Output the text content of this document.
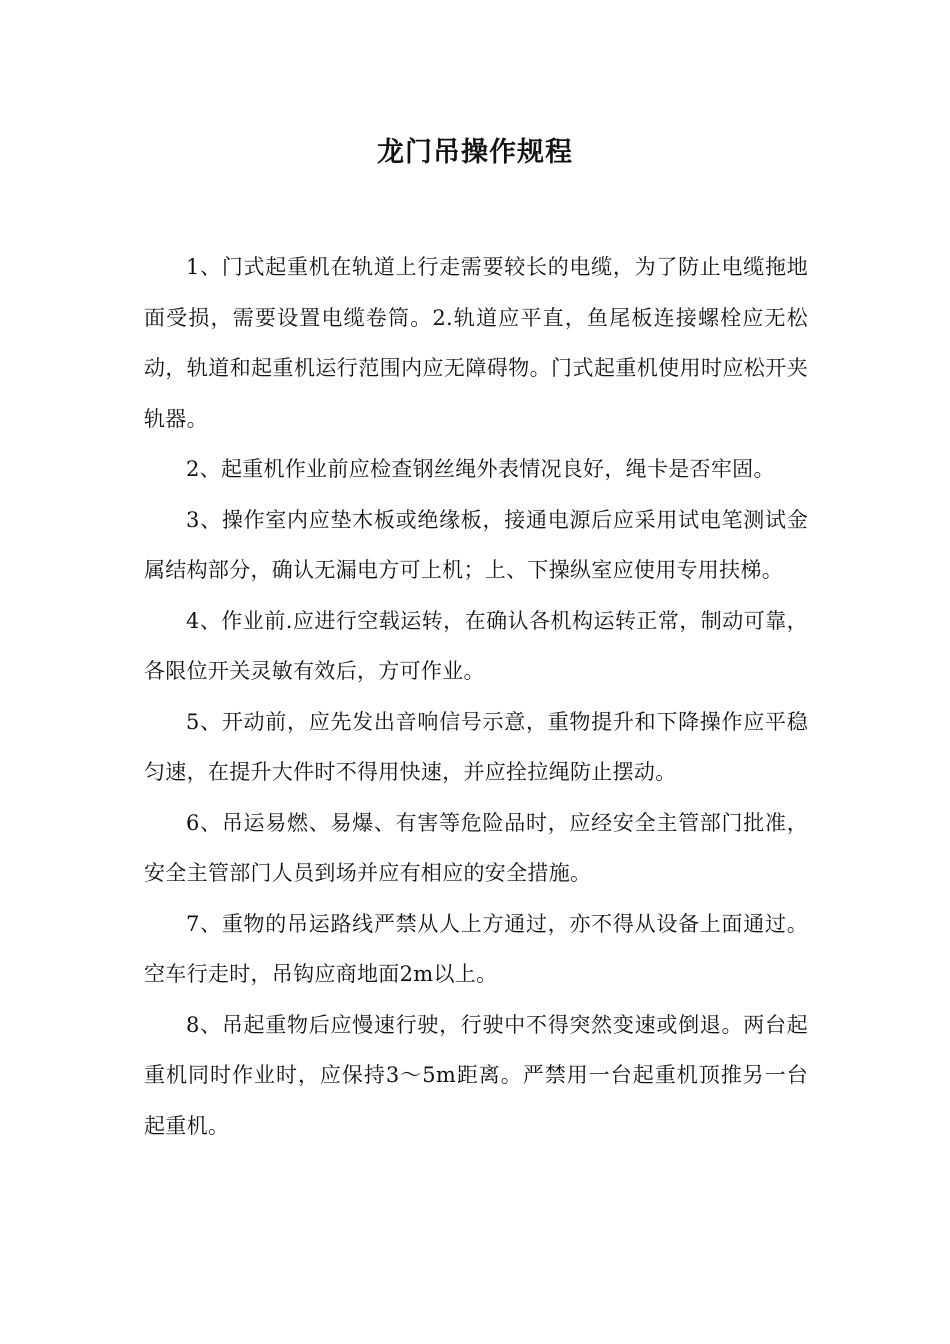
龙门吊操作规程

1、门式起重机在轨道上行走需要较长的电缆，为了防止电缆拖地面受损，需要设置电缆卷筒。2.轨道应平直，鱼尾板连接螺栓应无松动，轨道和起重机运行范围内应无障碍物。门式起重机使用时应松开夹轨器。

2、起重机作业前应检查钢丝绳外表情况良好，绳卡是否牢固。

3、操作室内应垫木板或绝缘板，接通电源后应采用试电笔测试金属结构部分，确认无漏电方可上机；上、下操纵室应使用专用扶梯。

4、作业前.应进行空载运转，在确认各机构运转正常，制动可靠，各限位开关灵敏有效后，方可作业。

5、开动前，应先发出音响信号示意，重物提升和下降操作应平稳匀速，在提升大件时不得用快速，并应拴拉绳防止摆动。

6、吊运易燃、易爆、有害等危险品时，应经安全主管部门批准，安全主管部门人员到场并应有相应的安全措施。

7、重物的吊运路线严禁从人上方通过，亦不得从设备上面通过。空车行走时，吊钩应商地面2m以上。

8、吊起重物后应慢速行驶，行驶中不得突然变速或倒退。两台起重机同时作业时，应保持3～5m距离。严禁用一台起重机顶推另一台起重机。
